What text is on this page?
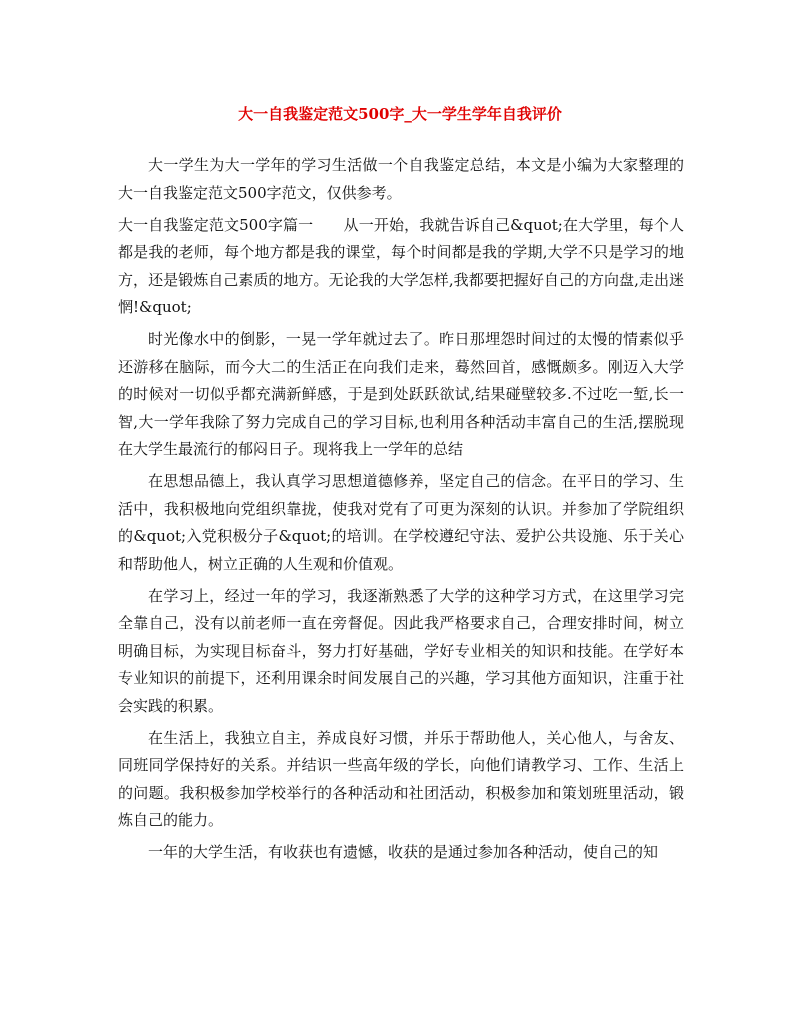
大一自我鉴定范文500字_大一学生学年自我评价

大一学生为大一学年的学习生活做一个自我鉴定总结，本文是小编为大家整理的大一自我鉴定范文500字范文，仅供参考。

大一自我鉴定范文500字篇一　　从一开始，我就告诉自己&quot;在大学里，每个人都是我的老师，每个地方都是我的课堂，每个时间都是我的学期,大学不只是学习的地方，还是锻炼自己素质的地方。无论我的大学怎样,我都要把握好自己的方向盘,走出迷惘!&quot;

时光像水中的倒影，一晃一学年就过去了。昨日那埋怨时间过的太慢的情素似乎还游移在脑际，而今大二的生活正在向我们走来，蓦然回首，感慨颇多。刚迈入大学的时候对一切似乎都充满新鲜感，于是到处跃跃欲试,结果碰壁较多.不过吃一堑,长一智,大一学年我除了努力完成自己的学习目标,也利用各种活动丰富自己的生活,摆脱现在大学生最流行的郁闷日子。现将我上一学年的总结

在思想品德上，我认真学习思想道德修养，坚定自己的信念。在平日的学习、生活中，我积极地向党组织靠拢，使我对党有了可更为深刻的认识。并参加了学院组织的&quot;入党积极分子&quot;的培训。在学校遵纪守法、爱护公共设施、乐于关心和帮助他人，树立正确的人生观和价值观。

在学习上，经过一年的学习，我逐渐熟悉了大学的这种学习方式，在这里学习完全靠自己，没有以前老师一直在旁督促。因此我严格要求自己，合理安排时间，树立明确目标，为实现目标奋斗，努力打好基础，学好专业相关的知识和技能。在学好本专业知识的前提下，还利用课余时间发展自己的兴趣，学习其他方面知识，注重于社会实践的积累。

在生活上，我独立自主，养成良好习惯，并乐于帮助他人，关心他人，与舍友、同班同学保持好的关系。并结识一些高年级的学长，向他们请教学习、工作、生活上的问题。我积极参加学校举行的各种活动和社团活动，积极参加和策划班里活动，锻炼自己的能力。

一年的大学生活，有收获也有遗憾，收获的是通过参加各种活动，使自己的知
